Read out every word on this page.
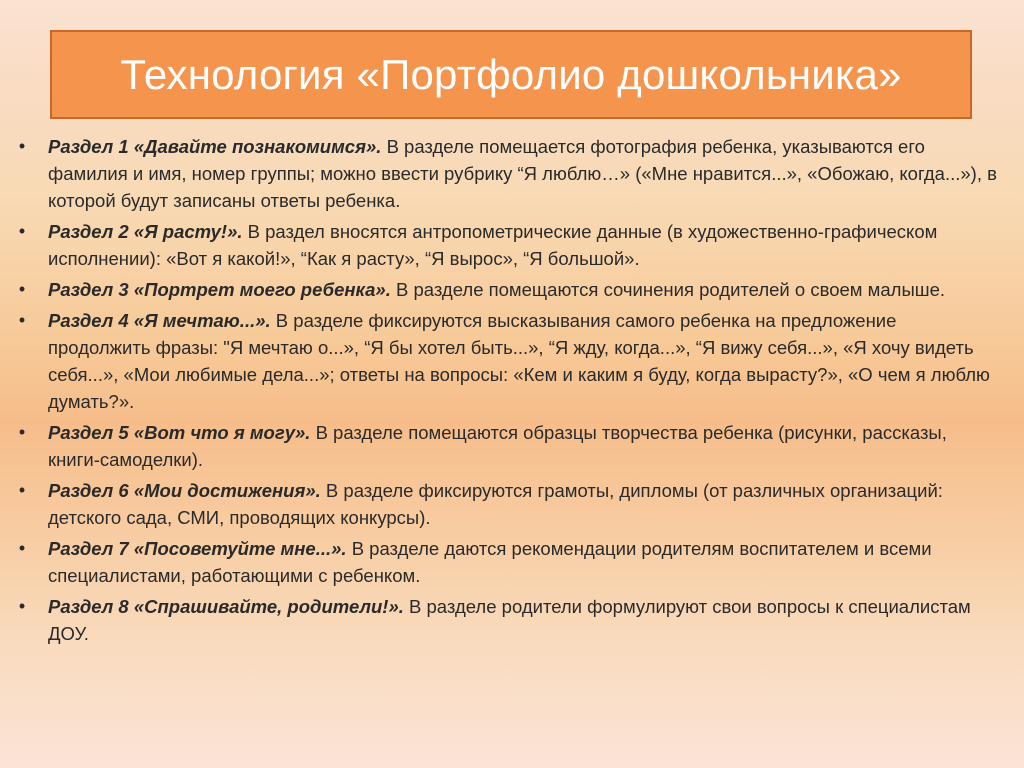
Технология «Портфолио дошкольника»
•	Раздел 1 «Давайте познакомимся». В разделе помещается фотография ребенка, указываются его фамилия и имя, номер группы; можно ввести рубрику “Я люблю…» («Мне нравится...», «Обожаю, когда...»), в которой будут записаны ответы ребенка.
•	Раздел 2 «Я расту!». В раздел вносятся антропометрические данные (в художественно-графическом исполнении): «Вот я какой!», “Как я расту», “Я вырос», “Я большой».
•	Раздел 3 «Портрет моего ребенка». В разделе помещаются сочинения родителей о своем малыше.
•	Раздел 4 «Я мечтаю...». В разделе фиксируются высказывания самого ребенка на предложение продолжить фразы: "Я мечтаю о...», “Я бы хотел быть...», “Я жду, когда...», “Я вижу себя...», «Я хочу видеть себя...», «Мои любимые дела...»; ответы на вопросы: «Кем и каким я буду, когда вырасту?», «О чем я люблю думать?».
•	Раздел 5 «Вот что я могу». В разделе помещаются образцы творчества ребенка (рисунки, рассказы, книги-самоделки).
•	Раздел 6 «Мои достижения». В разделе фиксируются грамоты, дипломы (от различных организаций: детского сада, СМИ, проводящих конкурсы).
•	Раздел 7 «Посоветуйте мне...». В разделе даются рекомендации родителям воспитателем и всеми специалистами, работающими с ребенком.
•	Раздел 8 «Спрашивайте, родители!». В разделе родители формулируют свои вопросы к специалистам ДОУ.
